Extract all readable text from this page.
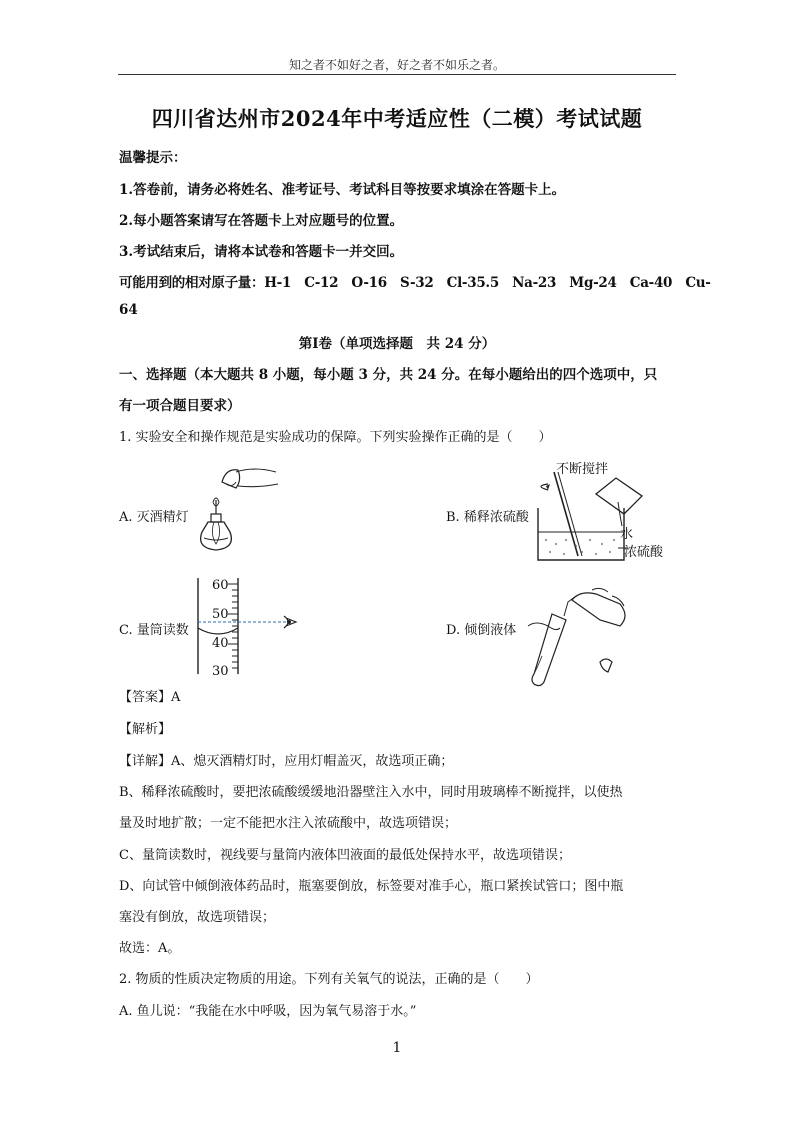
知之者不如好之者，好之者不如乐之者。
四川省达州市2024年中考适应性（二模）考试试题
温馨提示：
1.答卷前，请务必将姓名、准考证号、考试科目等按要求填涂在答题卡上。
2.每小题答案请写在答题卡上对应题号的位置。
3.考试结束后，请将本试卷和答题卡一并交回。
可能用到的相对原子量：H-1　C-12　O-16　S-32　Cl-35.5　Na-23　Mg-24　Ca-40　Cu-
64
第Ⅰ卷（单项选择题　共 24 分）
一、选择题（本大题共 8 小题，每小题 3 分，共 24 分。在每小题给出的四个选项中，只
有一项合题目要求）
1. 实验安全和操作规范是实验成功的保障。下列实验操作正确的是（　　）
A. 灭酒精灯	B. 稀释浓硫酸
不断搅拌
水
浓硫酸
C. 量筒读数
60
50
40
30
D. 倾倒液体
【答案】A
【解析】
【详解】A、熄灭酒精灯时，应用灯帽盖灭，故选项正确；
B、稀释浓硫酸时，要把浓硫酸缓缓地沿器壁注入水中，同时用玻璃棒不断搅拌，以使热
量及时地扩散；一定不能把水注入浓硫酸中，故选项错误；
C、量筒读数时，视线要与量筒内液体凹液面的最低处保持水平，故选项错误；
D、向试管中倾倒液体药品时，瓶塞要倒放，标签要对准手心，瓶口紧挨试管口；图中瓶
塞没有倒放，故选项错误；
故选：A。
2. 物质的性质决定物质的用途。下列有关氧气的说法，正确的是（　　）
A. 鱼儿说：“我能在水中呼吸，因为氧气易溶于水。”
1
